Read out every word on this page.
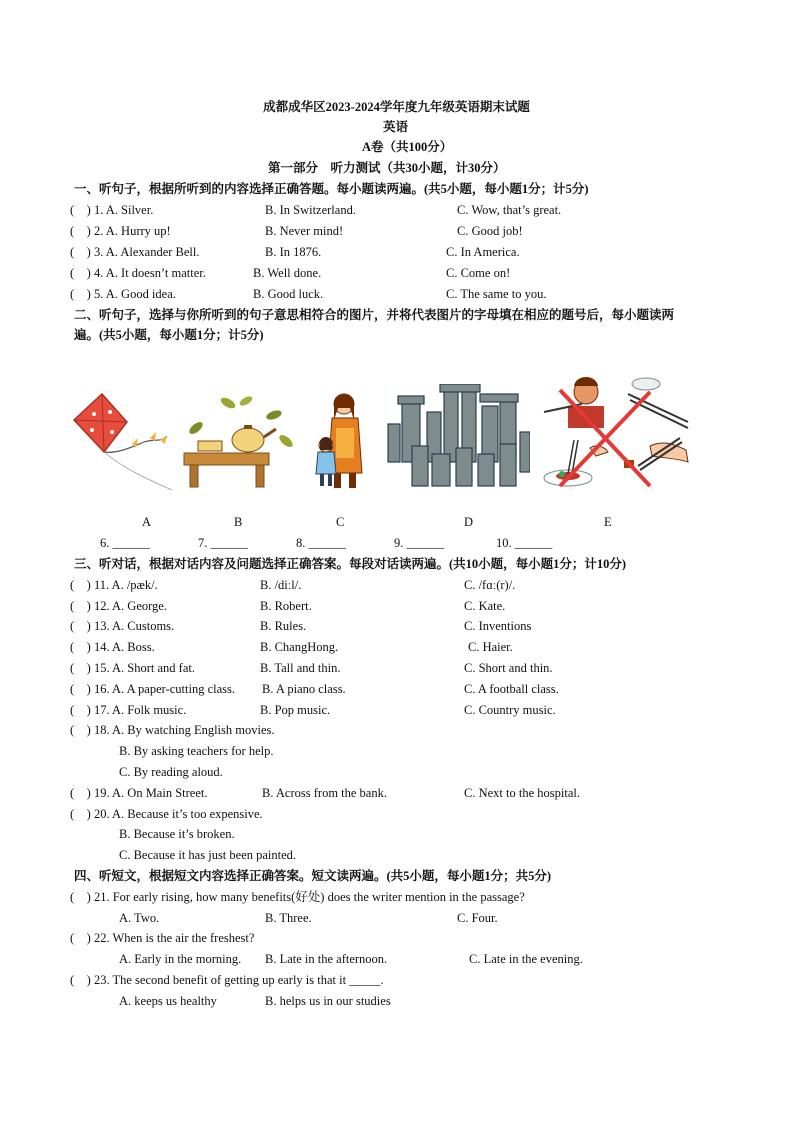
成都成华区2023-2024学年度九年级英语期末试题
英语
A卷（共100分）
第一部分　听力测试（共30小题，计30分）
一、听句子，根据所听到的内容选择正确答题。每小题读两遍。(共5小题，每小题1分；计5分)
(　) 1. A. Silver.	B. In Switzerland.	C. Wow, that’s great.
(　) 2. A. Hurry up!	B. Never mind!	C. Good job!
(　) 3. A. Alexander Bell.	B. In 1876.	C. In America.
(　) 4. A. It doesn’t matter.	B. Well done.	C. Come on!
(　) 5. A. Good idea.	B. Good luck.	C. The same to you.
二、听句子，选择与你所听到的句子意思相符合的图片，并将代表图片的字母填在相应的题号后，每小题读两
遍。(共5小题，每小题1分；计5分)
A	B	C	D	E
6. ______	7. ______	8. ______	9. ______	10. ______
三、听对话，根据对话内容及问题选择正确答案。每段对话读两遍。(共10小题，每小题1分；计10分)
(　) 11. A. /pæk/.	B. /diːl/.	C. /fɑː(r)/.
(　) 12. A. George.	B. Robert.	C. Kate.
(　) 13. A. Customs.	B. Rules.	C. Inventions
(　) 14. A. Boss.	B. ChangHong.	C. Haier.
(　) 15. A. Short and fat.	B. Tall and thin.	C. Short and thin.
(　) 16. A. A paper-cutting class. B. A piano class.	C. A football class.
(　) 17. A. Folk music.	B. Pop music.	C. Country music.
(　) 18. A. By watching English movies.
B. By asking teachers for help.
C. By reading aloud.
(　) 19. A. On Main Street.	B. Across from the bank.	C. Next to the hospital.
(　) 20. A. Because it’s too expensive.
B. Because it’s broken.
C. Because it has just been painted.
四、听短文，根据短文内容选择正确答案。短文读两遍。(共5小题，每小题1分；共5分)
(　) 21. For early rising, how many benefits(好处) does the writer mention in the passage?
A. Two.	B. Three.	C. Four.
(　) 22. When is the air the freshest?
A. Early in the morning. B. Late in the afternoon.	C. Late in the evening.
(　) 23. The second benefit of getting up early is that it _____.
A. keeps us healthy	B. helps us in our studies
